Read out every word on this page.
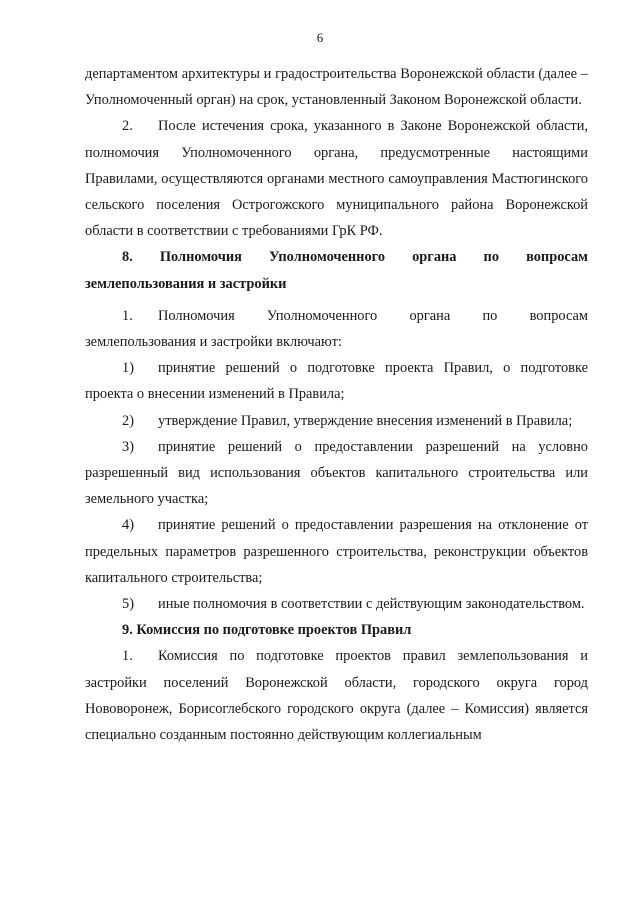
6

департаментом архитектуры и градостроительства Воронежской области (далее – Уполномоченный орган) на срок, установленный Законом Воронежской области.

2. После истечения срока, указанного в Законе Воронежской области, полномочия Уполномоченного органа, предусмотренные настоящими Правилами, осуществляются органами местного самоуправления Мастюгинского сельского поселения Острогожского муниципального района Воронежской области в соответствии с требованиями ГрК РФ.

8. Полномочия Уполномоченного органа по вопросам землепользования и застройки

1. Полномочия Уполномоченного органа по вопросам землепользования и застройки включают:

1) принятие решений о подготовке проекта Правил, о подготовке проекта о внесении изменений в Правила;

2) утверждение Правил, утверждение внесения изменений в Правила;

3) принятие решений о предоставлении разрешений на условно разрешенный вид использования объектов капитального строительства или земельного участка;

4) принятие решений о предоставлении разрешения на отклонение от предельных параметров разрешенного строительства, реконструкции объектов капитального строительства;

5) иные полномочия в соответствии с действующим законодательством.

9. Комиссия по подготовке проектов Правил

1. Комиссия по подготовке проектов правил землепользования и застройки поселений Воронежской области, городского округа город Нововоронеж, Борисоглебского городского округа (далее – Комиссия) является специально созданным постоянно действующим коллегиальным
